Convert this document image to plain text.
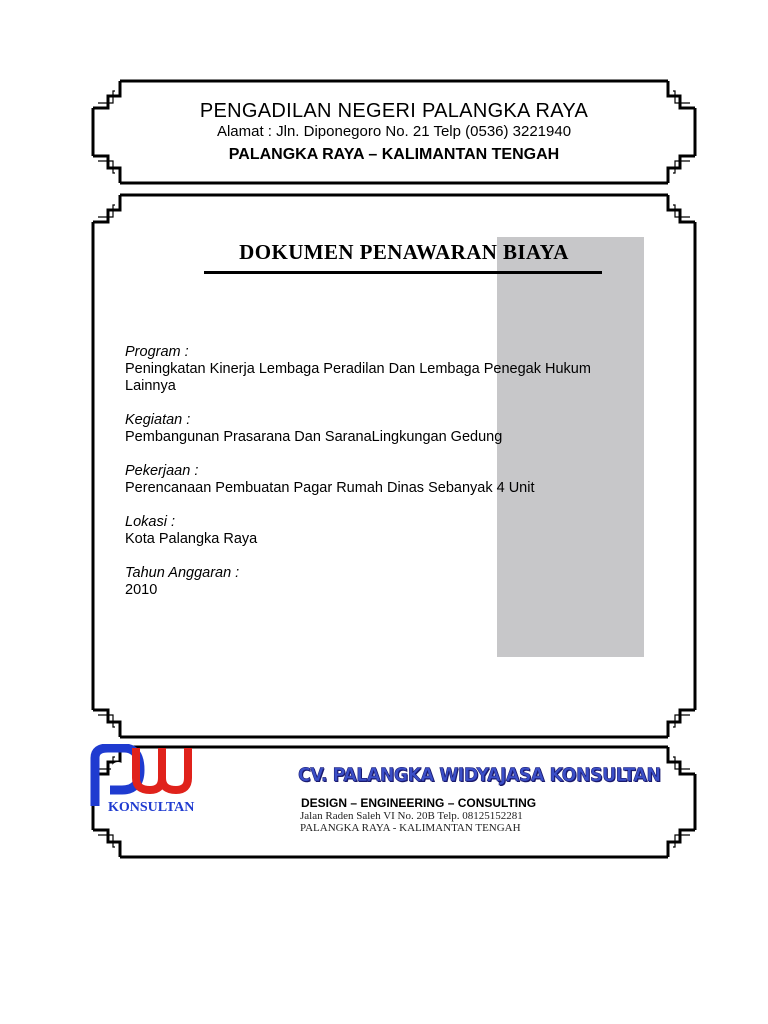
PENGADILAN NEGERI PALANGKA RAYA
Alamat : Jln. Diponegoro No. 21 Telp (0536) 3221940
PALANGKA RAYA – KALIMANTAN TENGAH
DOKUMEN PENAWARAN BIAYA
Program :
Peningkatan Kinerja Lembaga Peradilan Dan Lembaga Penegak Hukum Lainnya
Kegiatan :
Pembangunan Prasarana Dan SaranaLingkungan Gedung
Pekerjaan :
Perencanaan Pembuatan Pagar Rumah Dinas Sebanyak 4 Unit
Lokasi :
Kota Palangka Raya
Tahun Anggaran :
2010
KONSULTAN
CV. PALANGKA WIDYAJASA KONSULTAN
DESIGN – ENGINEERING – CONSULTING
Jalan Raden Saleh VI No. 20B Telp. 08125152281
PALANGKA RAYA - KALIMANTAN TENGAH
